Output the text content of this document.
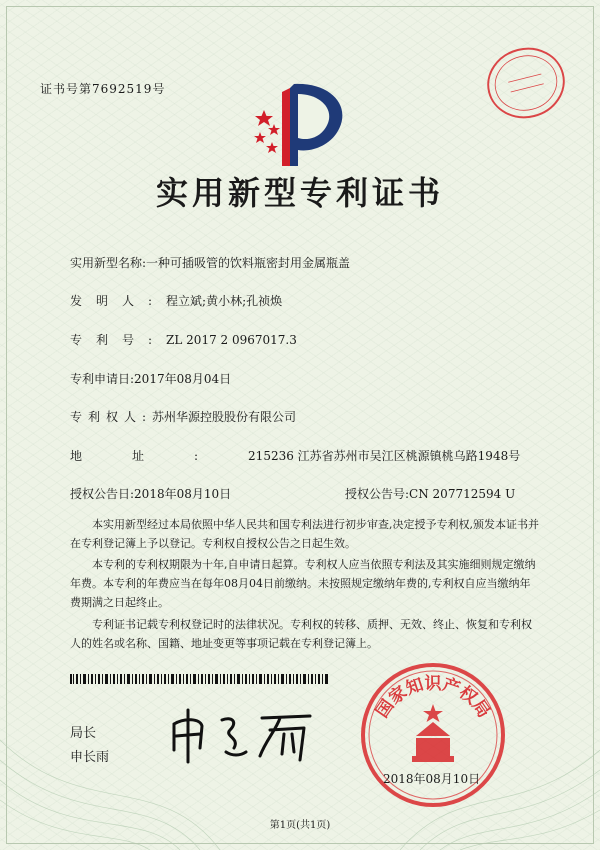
证书号第7692519号
实用新型专利证书
实用新型名称:一种可插吸管的饮料瓶密封用金属瓶盖
发明人:程立斌;黄小林;孔祯焕
专利号:ZL 2017 2 0967017.3
专利申请日:2017年08月04日
专利权人:苏州华源控股股份有限公司
地址:215236 江苏省苏州市吴江区桃源镇桃乌路1948号
授权公告日:2018年08月10日	授权公告号:CN 207712594 U

本实用新型经过本局依照中华人民共和国专利法进行初步审查,决定授予专利权,颁发本证书并在专利登记簿上予以登记。专利权自授权公告之日起生效。

本专利的专利权期限为十年,自申请日起算。专利权人应当依照专利法及其实施细则规定缴纳年费。本专利的年费应当在每年08月04日前缴纳。未按照规定缴纳年费的,专利权自应当缴纳年费期满之日起终止。

专利证书记载专利权登记时的法律状况。专利权的转移、质押、无效、终止、恢复和专利权人的姓名或名称、国籍、地址变更等事项记载在专利登记簿上。

局长
申长雨
国家知识产权局
2018年08月10日
第1页(共1页)
